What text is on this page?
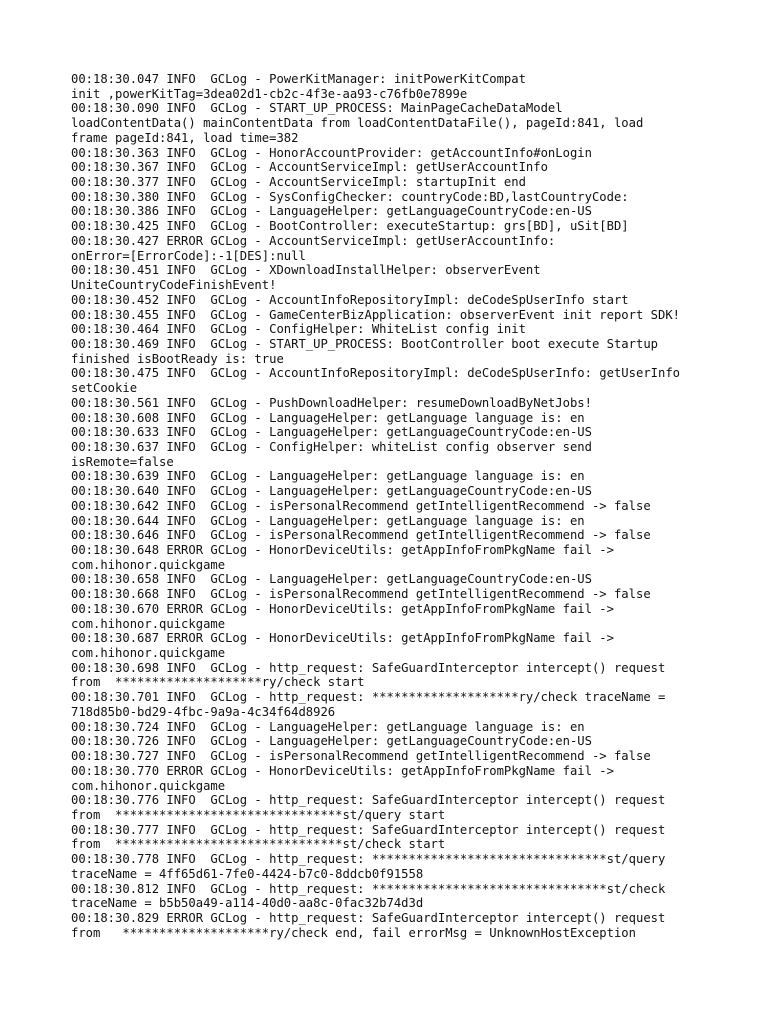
00:18:30.047 INFO  GCLog - PowerKitManager: initPowerKitCompat
init ,powerKitTag=3dea02d1-cb2c-4f3e-aa93-c76fb0e7899e
00:18:30.090 INFO  GCLog - START_UP_PROCESS: MainPageCacheDataModel
loadContentData() mainContentData from loadContentDataFile(), pageId:841, load
frame pageId:841, load time=382
00:18:30.363 INFO  GCLog - HonorAccountProvider: getAccountInfo#onLogin
00:18:30.367 INFO  GCLog - AccountServiceImpl: getUserAccountInfo
00:18:30.377 INFO  GCLog - AccountServiceImpl: startupInit end
00:18:30.380 INFO  GCLog - SysConfigChecker: countryCode:BD,lastCountryCode:
00:18:30.386 INFO  GCLog - LanguageHelper: getLanguageCountryCode:en-US
00:18:30.425 INFO  GCLog - BootController: executeStartup: grs[BD], uSit[BD]
00:18:30.427 ERROR GCLog - AccountServiceImpl: getUserAccountInfo:
onError=[ErrorCode]:-1[DES]:null
00:18:30.451 INFO  GCLog - XDownloadInstallHelper: observerEvent
UniteCountryCodeFinishEvent!
00:18:30.452 INFO  GCLog - AccountInfoRepositoryImpl: deCodeSpUserInfo start
00:18:30.455 INFO  GCLog - GameCenterBizApplication: observerEvent init report SDK!
00:18:30.464 INFO  GCLog - ConfigHelper: WhiteList config init
00:18:30.469 INFO  GCLog - START_UP_PROCESS: BootController boot execute Startup
finished isBootReady is: true
00:18:30.475 INFO  GCLog - AccountInfoRepositoryImpl: deCodeSpUserInfo: getUserInfo
setCookie
00:18:30.561 INFO  GCLog - PushDownloadHelper: resumeDownloadByNetJobs!
00:18:30.608 INFO  GCLog - LanguageHelper: getLanguage language is: en
00:18:30.633 INFO  GCLog - LanguageHelper: getLanguageCountryCode:en-US
00:18:30.637 INFO  GCLog - ConfigHelper: whiteList config observer send
isRemote=false
00:18:30.639 INFO  GCLog - LanguageHelper: getLanguage language is: en
00:18:30.640 INFO  GCLog - LanguageHelper: getLanguageCountryCode:en-US
00:18:30.642 INFO  GCLog - isPersonalRecommend getIntelligentRecommend -> false
00:18:30.644 INFO  GCLog - LanguageHelper: getLanguage language is: en
00:18:30.646 INFO  GCLog - isPersonalRecommend getIntelligentRecommend -> false
00:18:30.648 ERROR GCLog - HonorDeviceUtils: getAppInfoFromPkgName fail ->
com.hihonor.quickgame
00:18:30.658 INFO  GCLog - LanguageHelper: getLanguageCountryCode:en-US
00:18:30.668 INFO  GCLog - isPersonalRecommend getIntelligentRecommend -> false
00:18:30.670 ERROR GCLog - HonorDeviceUtils: getAppInfoFromPkgName fail ->
com.hihonor.quickgame
00:18:30.687 ERROR GCLog - HonorDeviceUtils: getAppInfoFromPkgName fail ->
com.hihonor.quickgame
00:18:30.698 INFO  GCLog - http_request: SafeGuardInterceptor intercept() request
from  ********************ry/check start
00:18:30.701 INFO  GCLog - http_request: ********************ry/check traceName =
718d85b0-bd29-4fbc-9a9a-4c34f64d8926
00:18:30.724 INFO  GCLog - LanguageHelper: getLanguage language is: en
00:18:30.726 INFO  GCLog - LanguageHelper: getLanguageCountryCode:en-US
00:18:30.727 INFO  GCLog - isPersonalRecommend getIntelligentRecommend -> false
00:18:30.770 ERROR GCLog - HonorDeviceUtils: getAppInfoFromPkgName fail ->
com.hihonor.quickgame
00:18:30.776 INFO  GCLog - http_request: SafeGuardInterceptor intercept() request
from  *******************************st/query start
00:18:30.777 INFO  GCLog - http_request: SafeGuardInterceptor intercept() request
from  *******************************st/check start
00:18:30.778 INFO  GCLog - http_request: ********************************st/query
traceName = 4ff65d61-7fe0-4424-b7c0-8ddcb0f91558
00:18:30.812 INFO  GCLog - http_request: ********************************st/check
traceName = b5b50a49-a114-40d0-aa8c-0fac32b74d3d
00:18:30.829 ERROR GCLog - http_request: SafeGuardInterceptor intercept() request
from   ********************ry/check end, fail errorMsg = UnknownHostException
